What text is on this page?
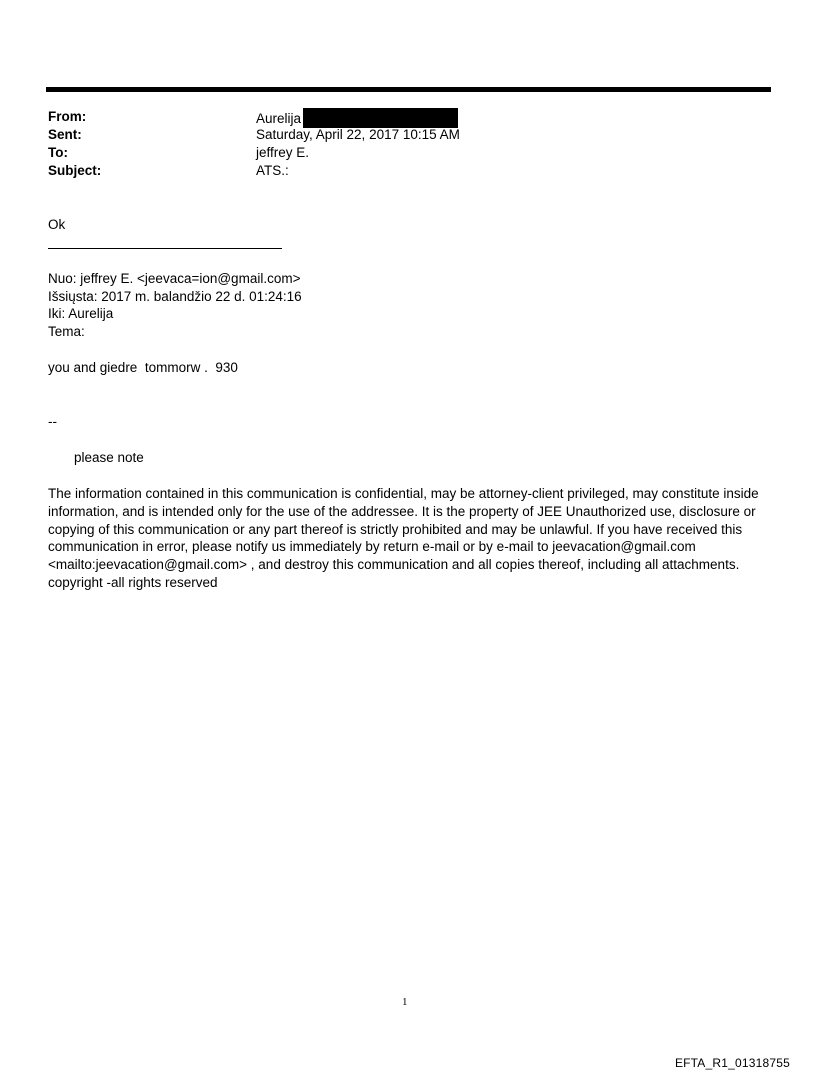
From:	Aurelija
Sent:	Saturday, April 22, 2017 10:15 AM
To:	jeffrey E.
Subject:	ATS.:
Ok
Nuo: jeffrey E. <jeevaca=ion@gmail.com>
Išsiųsta: 2017 m. balandžio 22 d. 01:24:16
Iki: Aurelija
Tema:
you and giedre  tommorw .  930
--
please note
The information contained in this communication is confidential, may be attorney-client privileged, may constitute inside information, and is intended only for the use of the addressee. It is the property of JEE Unauthorized use, disclosure or copying of this communication or any part thereof is strictly prohibited and may be unlawful. If you have received this communication in error, please notify us immediately by return e-mail or by e-mail to jeevacation@gmail.com <mailto:jeevacation@gmail.com> , and destroy this communication and all copies thereof, including all attachments. copyright -all rights reserved
1
EFTA_R1_01318755
